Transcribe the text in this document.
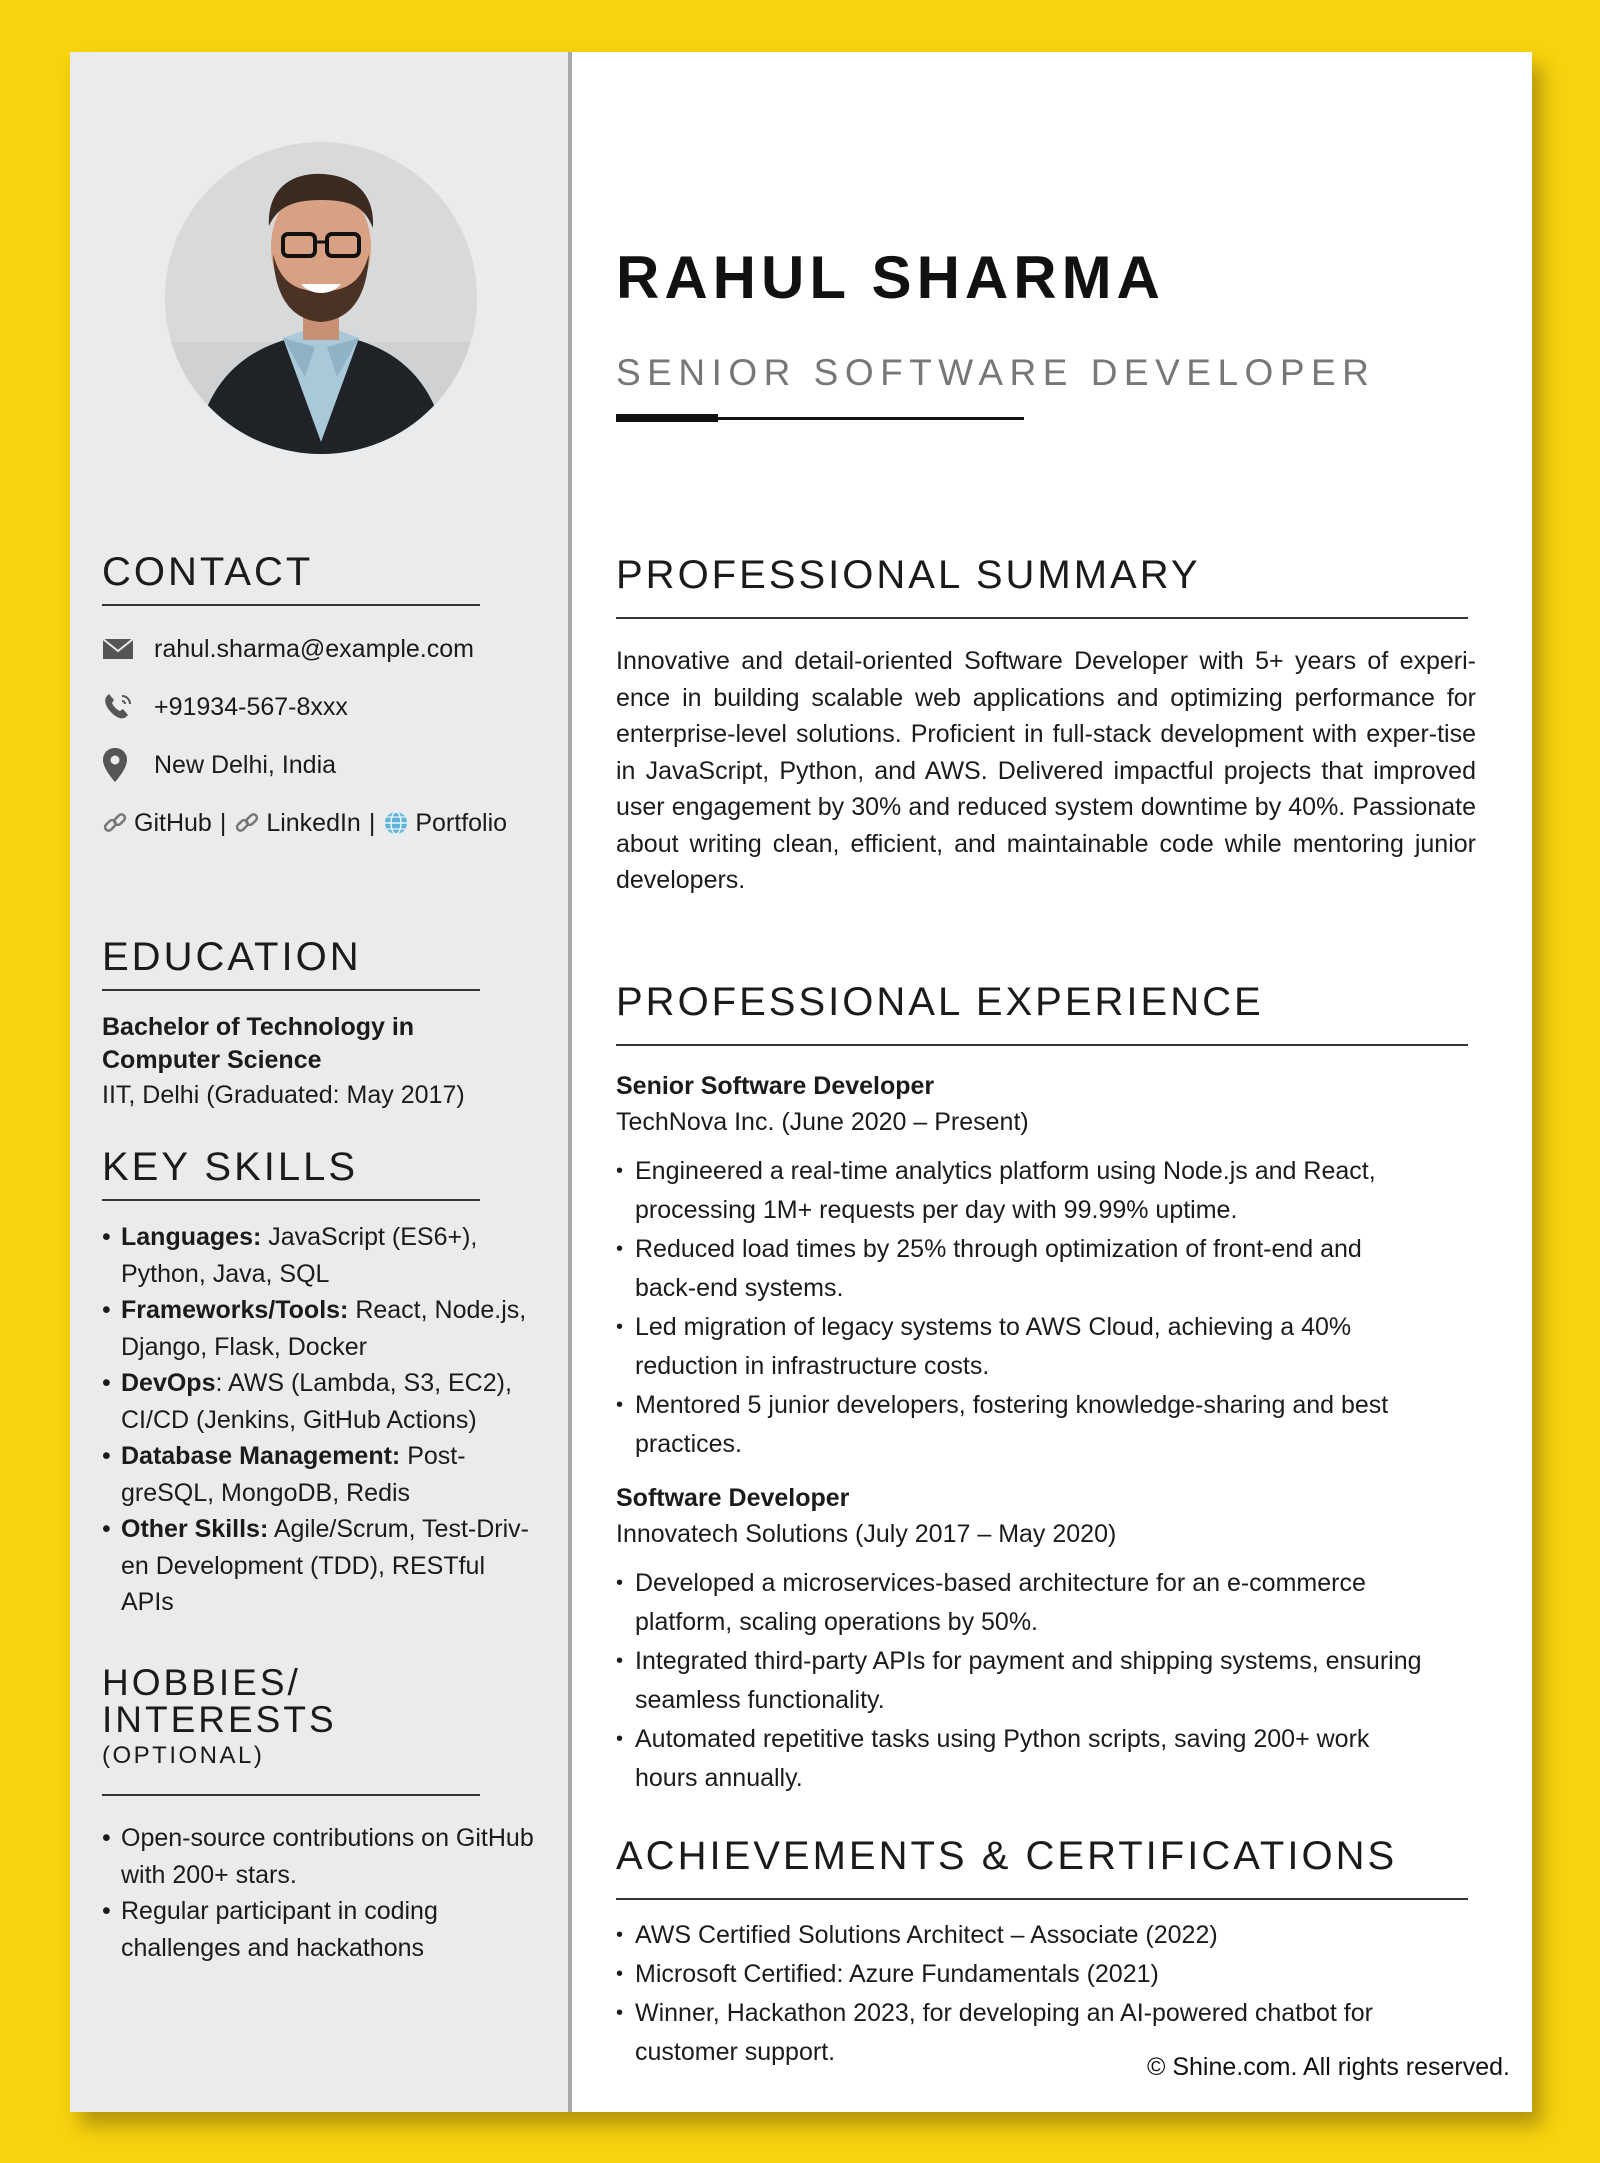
CONTACT
rahul.sharma@example.com
+91934-567-8xxx
New Delhi, India
GitHub | LinkedIn | Portfolio
EDUCATION
Bachelor of Technology in
Computer Science
IIT, Delhi (Graduated: May 2017)
KEY SKILLS
• Languages: JavaScript (ES6+),
Python, Java, SQL
• Frameworks/Tools: React, Node.js,
Django, Flask, Docker
• DevOps: AWS (Lambda, S3, EC2),
CI/CD (Jenkins, GitHub Actions)
• Database Management: Post-
greSQL, MongoDB, Redis
• Other Skills: Agile/Scrum, Test-Driv-
en Development (TDD), RESTful
APIs
HOBBIES/ INTERESTS
(OPTIONAL)
• Open-source contributions on GitHub
with 200+ stars.
• Regular participant in coding
challenges and hackathons
RAHUL SHARMA
SENIOR SOFTWARE DEVELOPER
PROFESSIONAL SUMMARY
Innovative and detail-oriented Software Developer with 5+ years of experi-ence in building scalable web applications and optimizing performance for enterprise-level solutions. Proficient in full-stack development with exper-tise in JavaScript, Python, and AWS. Delivered impactful projects that improved user engagement by 30% and reduced system downtime by 40%. Passionate about writing clean, efficient, and maintainable code while mentoring junior developers.
PROFESSIONAL EXPERIENCE
Senior Software Developer
TechNova Inc. (June 2020 – Present)
• Engineered a real-time analytics platform using Node.js and React,
processing 1M+ requests per day with 99.99% uptime.
• Reduced load times by 25% through optimization of front-end and
back-end systems.
• Led migration of legacy systems to AWS Cloud, achieving a 40%
reduction in infrastructure costs.
• Mentored 5 junior developers, fostering knowledge-sharing and best
practices.
Software Developer
Innovatech Solutions (July 2017 – May 2020)
• Developed a microservices-based architecture for an e-commerce
platform, scaling operations by 50%.
• Integrated third-party APIs for payment and shipping systems, ensuring
seamless functionality.
• Automated repetitive tasks using Python scripts, saving 200+ work
hours annually.
ACHIEVEMENTS & CERTIFICATIONS
• AWS Certified Solutions Architect – Associate (2022)
• Microsoft Certified: Azure Fundamentals (2021)
• Winner, Hackathon 2023, for developing an AI-powered chatbot for
customer support.
© Shine.com. All rights reserved.
